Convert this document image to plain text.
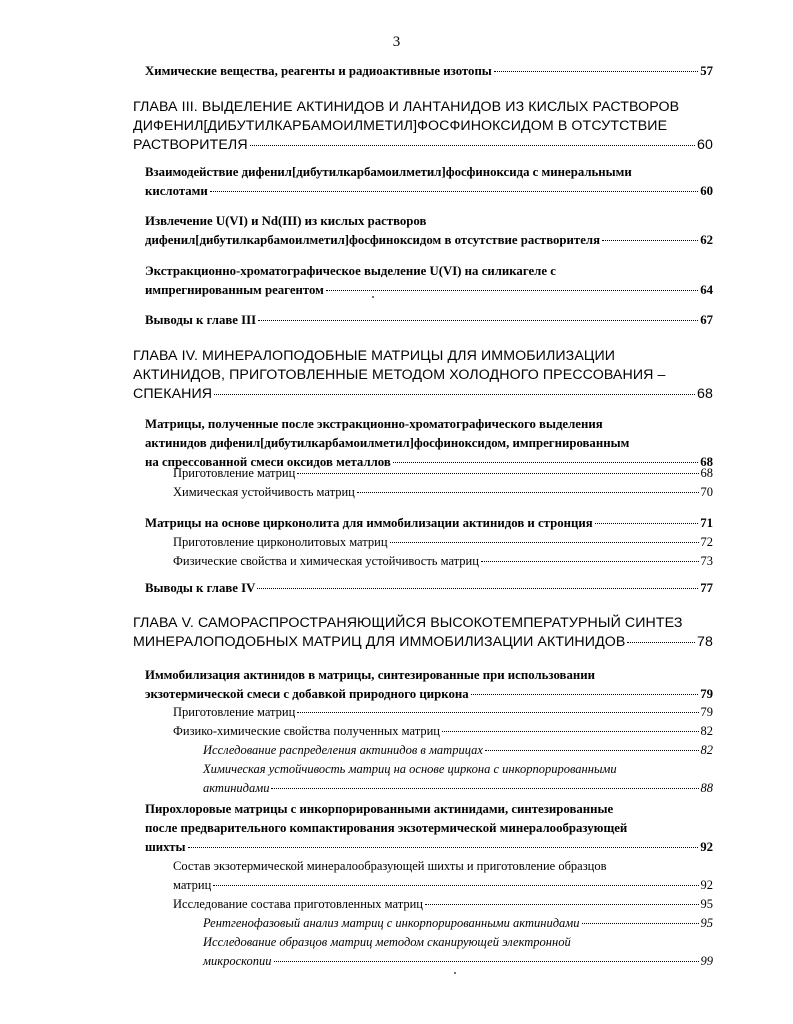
3
Химические вещества, реагенты и радиоактивные изотопы	57
ГЛАВА III. ВЫДЕЛЕНИЕ АКТИНИДОВ И ЛАНТАНИДОВ ИЗ КИСЛЫХ РАСТВОРОВ
ДИФЕНИЛ[ДИБУТИЛКАРБАМОИЛМЕТИЛ]ФОСФИНОКСИДОМ В ОТСУТСТВИЕ
РАСТВОРИТЕЛЯ	60
Взаимодействие дифенил[дибутилкарбамоилметил]фосфиноксида с минеральными
кислотами	60
Извлечение U(VI) и Nd(III) из кислых растворов
дифенил[дибутилкарбамоилметил]фосфиноксидом в отсутствие растворителя	62
Экстракционно-хроматографическое выделение U(VI) на силикагеле с
импрегнированным реагентом	64
Выводы к главе III	67
ГЛАВА IV. МИНЕРАЛОПОДОБНЫЕ МАТРИЦЫ ДЛЯ ИММОБИЛИЗАЦИИ
АКТИНИДОВ, ПРИГОТОВЛЕННЫЕ МЕТОДОМ ХОЛОДНОГО ПРЕССОВАНИЯ –
СПЕКАНИЯ	68
Матрицы, полученные после экстракционно-хроматографического выделения
актинидов дифенил[дибутилкарбамоилметил]фосфиноксидом, импрегнированным
на спрессованной смеси оксидов металлов	68
Приготовление матриц	68
Химическая устойчивость матриц	70
Матрицы на основе цирконолита для иммобилизации актинидов и стронция	71
Приготовление цирконолитовых матриц	72
Физические свойства и химическая устойчивость матриц	73
Выводы к главе IV	77
ГЛАВА V. САМОРАСПРОСТРАНЯЮЩИЙСЯ ВЫСОКОТЕМПЕРАТУРНЫЙ СИНТЕЗ
МИНЕРАЛОПОДОБНЫХ МАТРИЦ ДЛЯ ИММОБИЛИЗАЦИИ АКТИНИДОВ	78
Иммобилизация актинидов в матрицы, синтезированные при использовании
экзотермической смеси с добавкой природного циркона	79
Приготовление матриц	79
Физико-химические свойства полученных матриц	82
Исследование распределения актинидов в матрицах	82
Химическая устойчивость матриц на основе циркона с инкорпорированными
актинидами	88
Пирохлоровые матрицы с инкорпорированными актинидами, синтезированные
после предварительного компактирования экзотермической минералообразующей
шихты	92
Состав экзотермической минералообразующей шихты и приготовление образцов
матриц	92
Исследование состава приготовленных матриц	95
Рентгенофазовый анализ матриц с инкорпорированными актинидами	95
Исследование образцов матриц методом сканирующей электронной
микроскопии	99
